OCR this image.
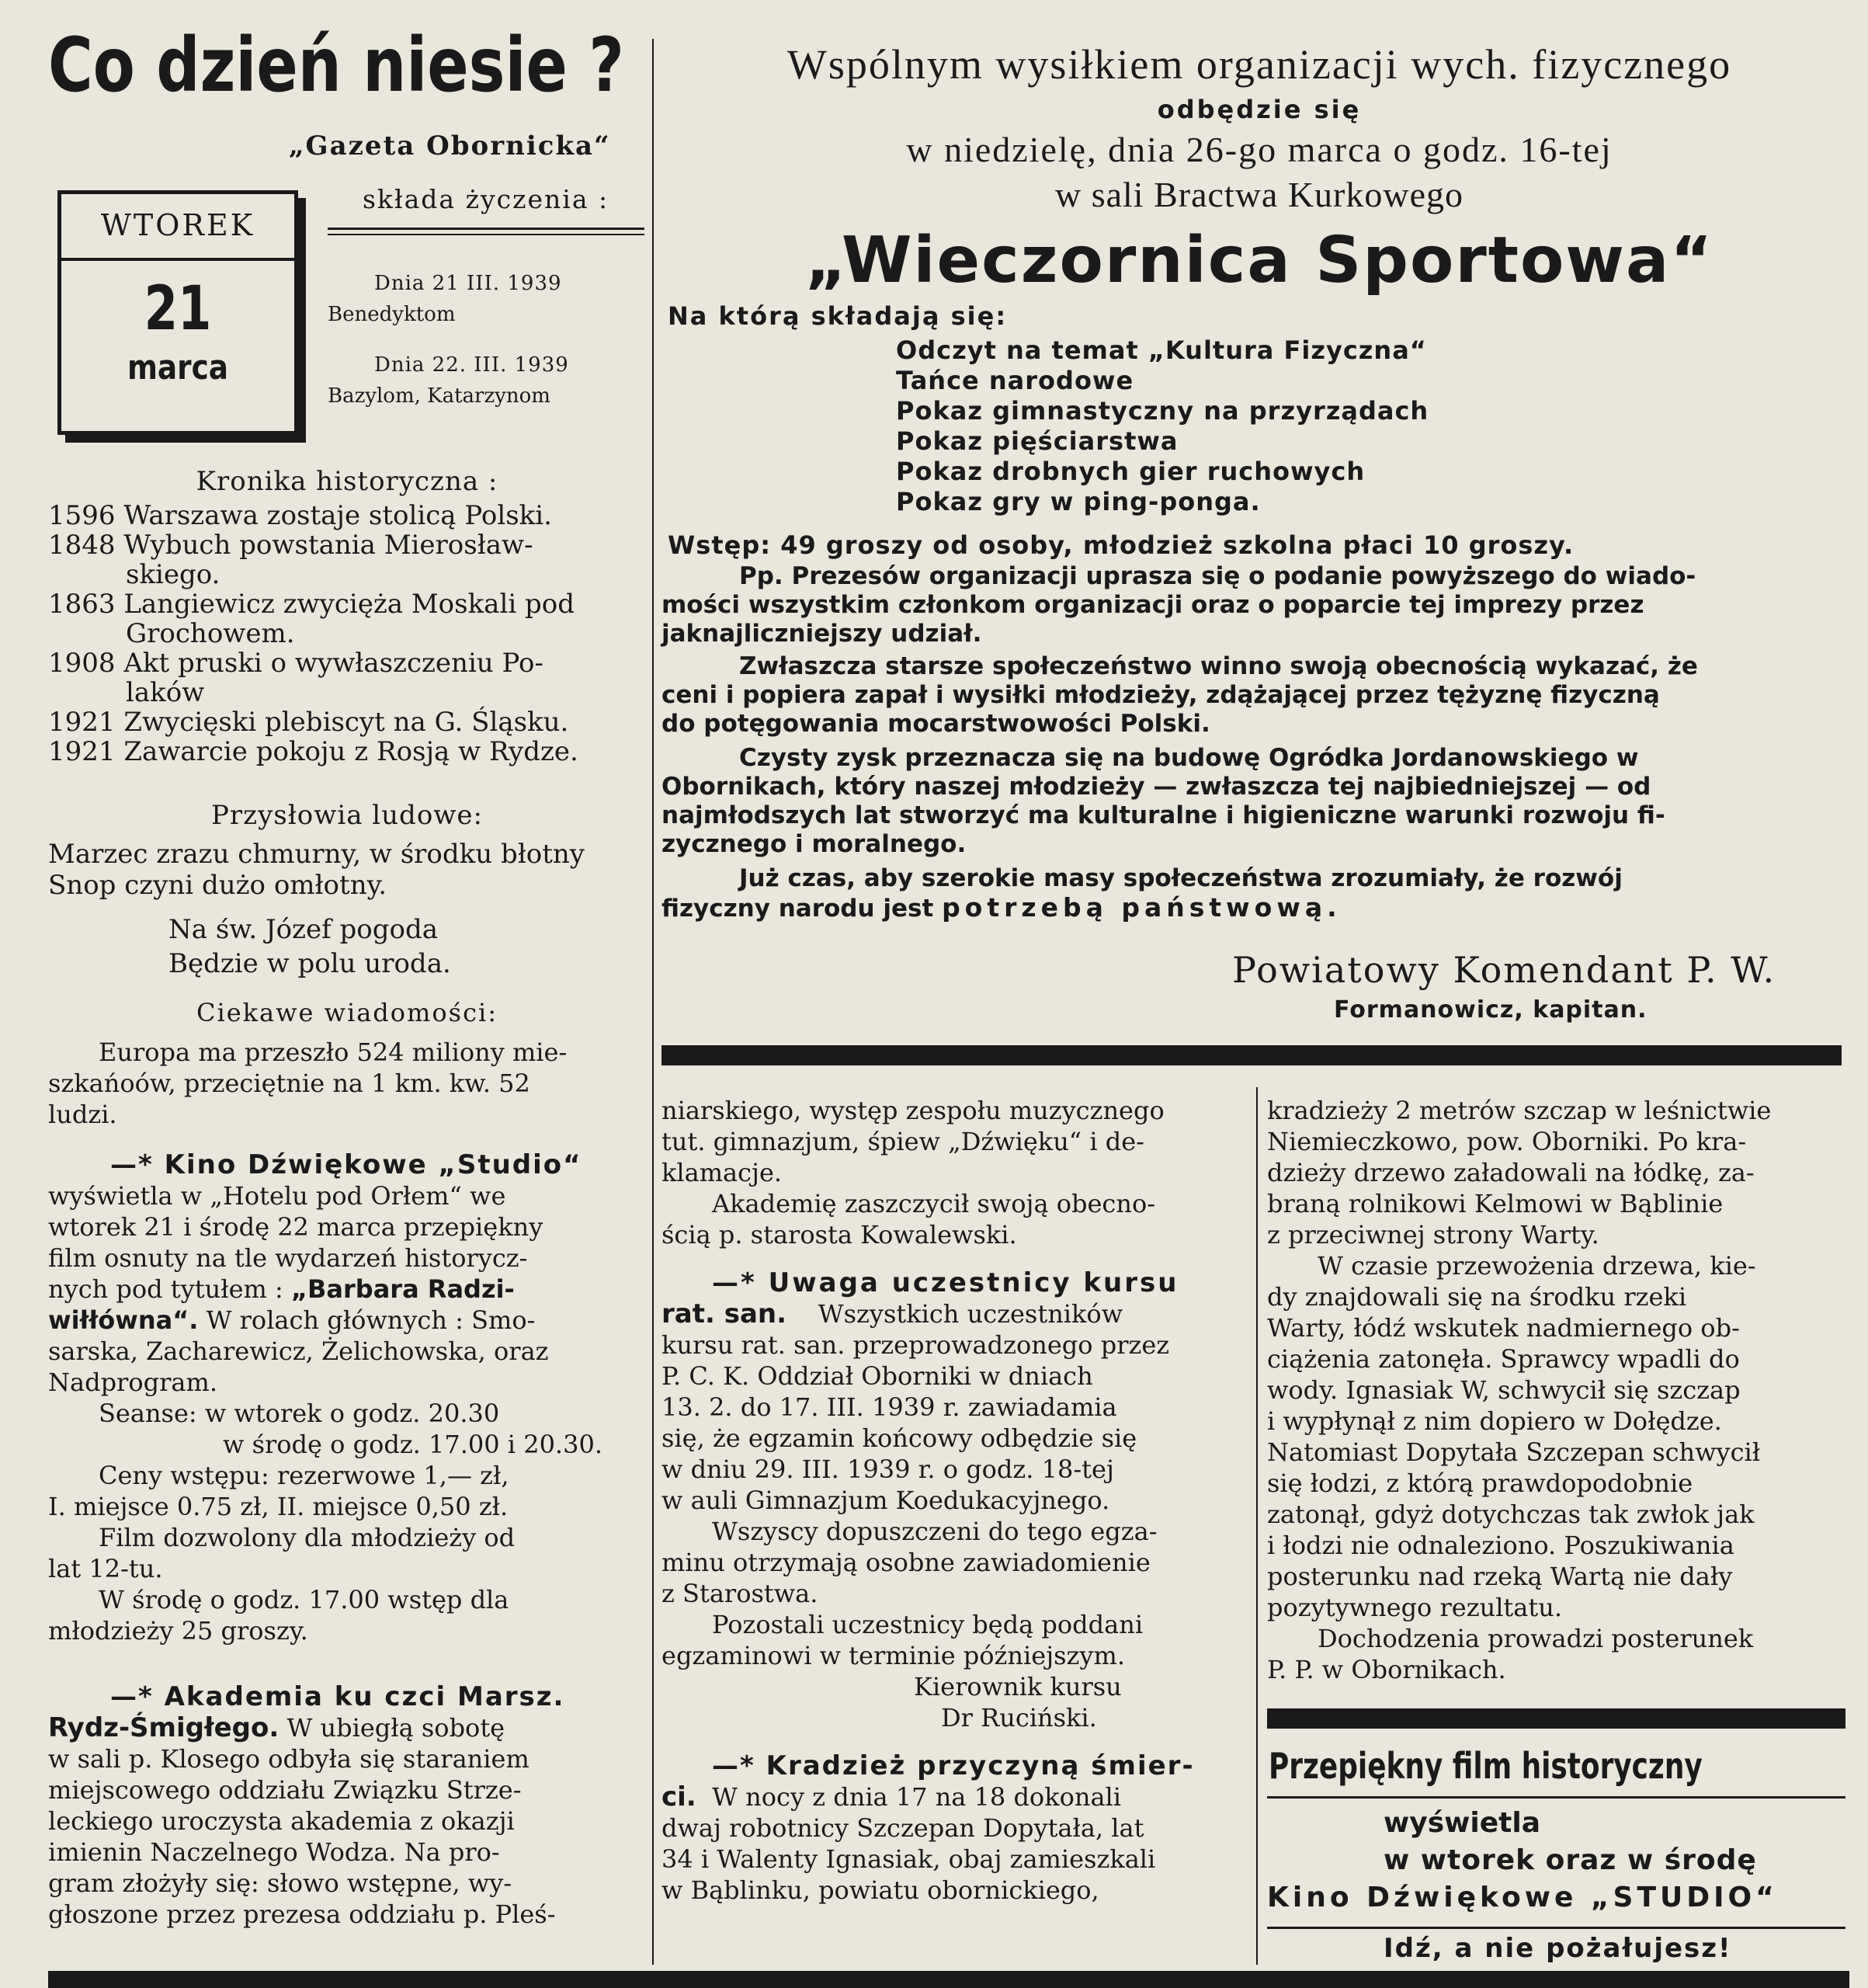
Co dzień niesie ?
„Gazeta Obornicka“
składa życzenia :
WTOREK
21
marca
Dnia 21 III. 1939
Benedyktom
Dnia 22. III. 1939
Bazylom, Katarzynom
Kronika historyczna :
1596 Warszawa zostaje stolicą Polski.
1848 Wybuch powstania Mierosław-
skiego.
1863 Langiewicz zwycięża Moskali pod
Grochowem.
1908 Akt pruski o wywłaszczeniu Po-
laków
1921 Zwycięski plebiscyt na G. Śląsku.
1921 Zawarcie pokoju z Rosją w Rydze.
Przysłowia ludowe:
Marzec zrazu chmurny, w środku błotny
Snop czyni dużo omłotny.
Na św. Józef pogoda
Będzie w polu uroda.
Ciekawe wiadomości:
Europa ma przeszło 524 miliony mie-
szkańoów, przeciętnie na 1 km. kw. 52
ludzi.
—* Kino Dźwiękowe „Studio“
wyświetla w „Hotelu pod Orłem“ we
wtorek 21 i środę 22 marca przepiękny
film osnuty na tle wydarzeń historycz-
nych pod tytułem : „Barbara Radzi-
wiłłówna“. W rolach głównych : Smo-
sarska, Zacharewicz, Żelichowska, oraz
Nadprogram.
Seanse: w wtorek o godz. 20.30
w środę o godz. 17.00 i 20.30.
Ceny wstępu: rezerwowe 1,— zł,
I. miejsce 0.75 zł, II. miejsce 0,50 zł.
Film dozwolony dla młodzieży od
lat 12-tu.
W środę o godz. 17.00 wstęp dla
młodzieży 25 groszy.
—* Akademia ku czci Marsz.
Rydz-Śmigłego. W ubiegłą sobotę
w sali p. Klosego odbyła się staraniem
miejscowego oddziału Związku Strze-
leckiego uroczysta akademia z okazji
imienin Naczelnego Wodza. Na pro-
gram złożyły się: słowo wstępne, wy-
głoszone przez prezesa oddziału p. Pleś-
Wspólnym wysiłkiem organizacji wych. fizycznego
odbędzie się
w niedzielę, dnia 26-go marca o godz. 16-tej
w sali Bractwa Kurkowego
„Wieczornica Sportowa“
Na którą składają się:
Odczyt na temat „Kultura Fizyczna“
Tańce narodowe
Pokaz gimnastyczny na przyrządach
Pokaz pięściarstwa
Pokaz drobnych gier ruchowych
Pokaz gry w ping-ponga.
Wstęp: 49 groszy od osoby, młodzież szkolna płaci 10 groszy.
Pp. Prezesów organizacji uprasza się o podanie powyższego do wiado-
mości wszystkim członkom organizacji oraz o poparcie tej imprezy przez
jaknajliczniejszy udział.
Zwłaszcza starsze społeczeństwo winno swoją obecnością wykazać, że
ceni i popiera zapał i wysiłki młodzieży, zdążającej przez tężyznę fizyczną
do potęgowania mocarstwowości Polski.
Czysty zysk przeznacza się na budowę Ogródka Jordanowskiego w
Obornikach, który naszej młodzieży — zwłaszcza tej najbiedniejszej — od
najmłodszych lat stworzyć ma kulturalne i higieniczne warunki rozwoju fi-
zycznego i moralnego.
Już czas, aby szerokie masy społeczeństwa zrozumiały, że rozwój
fizyczny narodu jest potrzebą państwową.
Powiatowy Komendant P. W.
Formanowicz, kapitan.
niarskiego, występ zespołu muzycznego
tut. gimnazjum, śpiew „Dźwięku“ i de-
klamacje.
Akademię zaszczycił swoją obecno-
ścią p. starosta Kowalewski.
—* Uwaga uczestnicy kursu
rat. san. Wszystkich uczestników
kursu rat. san. przeprowadzonego przez
P. C. K. Oddział Oborniki w dniach
13. 2. do 17. III. 1939 r. zawiadamia
się, że egzamin końcowy odbędzie się
w dniu 29. III. 1939 r. o godz. 18-tej
w auli Gimnazjum Koedukacyjnego.
Wszyscy dopuszczeni do tego egza-
minu otrzymają osobne zawiadomienie
z Starostwa.
Pozostali uczestnicy będą poddani
egzaminowi w terminie późniejszym.
Kierownik kursu
Dr Ruciński.
—* Kradzież przyczyną śmier-
ci. W nocy z dnia 17 na 18 dokonali
dwaj robotnicy Szczepan Dopytała, lat
34 i Walenty Ignasiak, obaj zamieszkali
w Bąblinku, powiatu obornickiego,
kradzieży 2 metrów szczap w leśnictwie
Niemieczkowo, pow. Oborniki. Po kra-
dzieży drzewo załadowali na łódkę, za-
braną rolnikowi Kelmowi w Bąblinie
z przeciwnej strony Warty.
W czasie przewożenia drzewa, kie-
dy znajdowali się na środku rzeki
Warty, łódź wskutek nadmiernego ob-
ciążenia zatonęła. Sprawcy wpadli do
wody. Ignasiak W, schwycił się szczap
i wypłynął z nim dopiero w Dołędze.
Natomiast Dopytała Szczepan schwycił
się łodzi, z którą prawdopodobnie
zatonął, gdyż dotychczas tak zwłok jak
i łodzi nie odnaleziono. Poszukiwania
posterunku nad rzeką Wartą nie dały
pozytywnego rezultatu.
Dochodzenia prowadzi posterunek
P. P. w Obornikach.
Przepiękny film historyczny
wyświetla
w wtorek oraz w środę
Kino Dźwiękowe „STUDIO“
Idź, a nie pożałujesz!
